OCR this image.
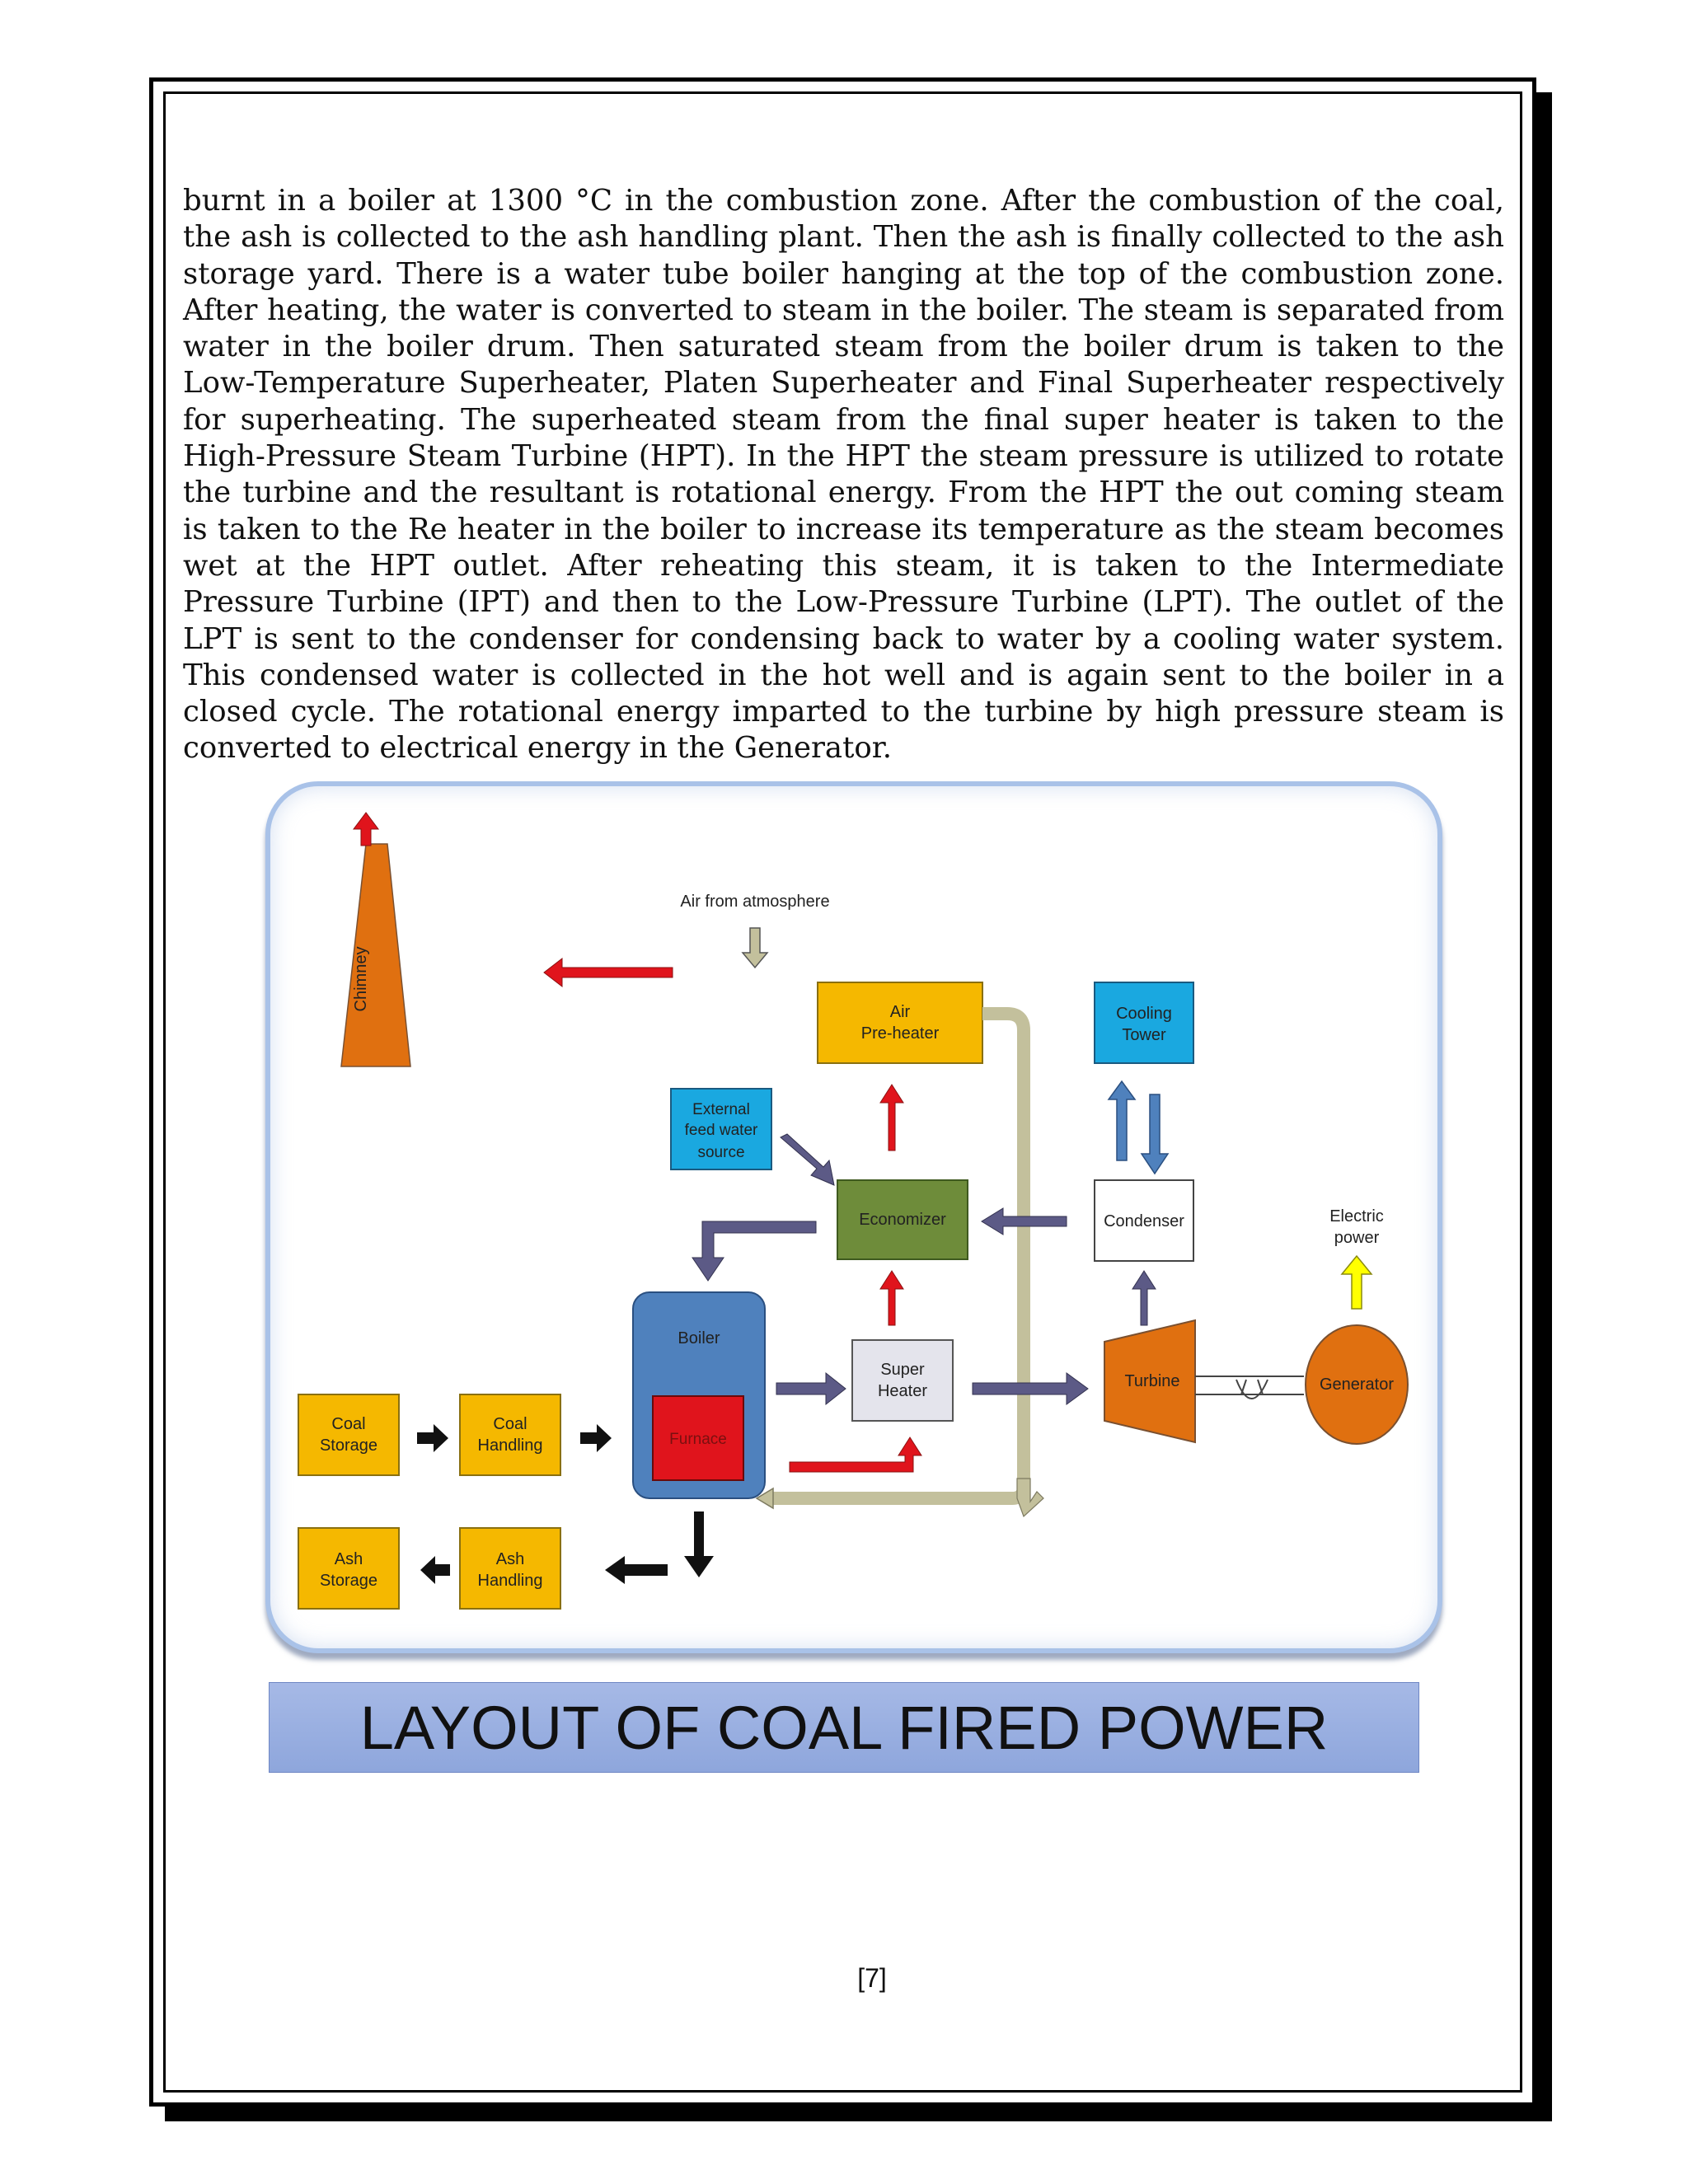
burnt in a boiler at 1300 °C in the combustion zone. After the combustion of the coal, the ash is collected to the ash handling plant. Then the ash is finally collected to the ash storage yard. There is a water tube boiler hanging at the top of the combustion zone. After heating, the water is converted to steam in the boiler. The steam is separated from water in the boiler drum. Then saturated steam from the boiler drum is taken to the Low-Temperature Superheater, Platen Superheater and Final Superheater respectively for superheating. The superheated steam from the final super heater is taken to the High-Pressure Steam Turbine (HPT). In the HPT the steam pressure is utilized to rotate the turbine and the resultant is rotational energy. From the HPT the out coming steam is taken to the Re heater in the boiler to increase its temperature as the steam becomes wet at the HPT outlet. After reheating this steam, it is taken to the Intermediate Pressure Turbine (IPT) and then to the Low-Pressure Turbine (LPT). The outlet of the LPT is sent to the condenser for condensing back to water by a cooling water system. This condensed water is collected in the hot well and is again sent to the boiler in a closed cycle. The rotational energy imparted to the turbine by high pressure steam is converted to electrical energy in the Generator.

Chimney
Air from atmosphere
Air
Pre-heater
Cooling
Tower
External
feed water
source
Economizer	Condenser	Electric
power
Boiler
Furnace
Super
Heater
Turbine	Generator
Coal
Storage
Coal
Handling
Ash
Storage
Ash
Handling
LAYOUT OF COAL FIRED POWER
[7]
